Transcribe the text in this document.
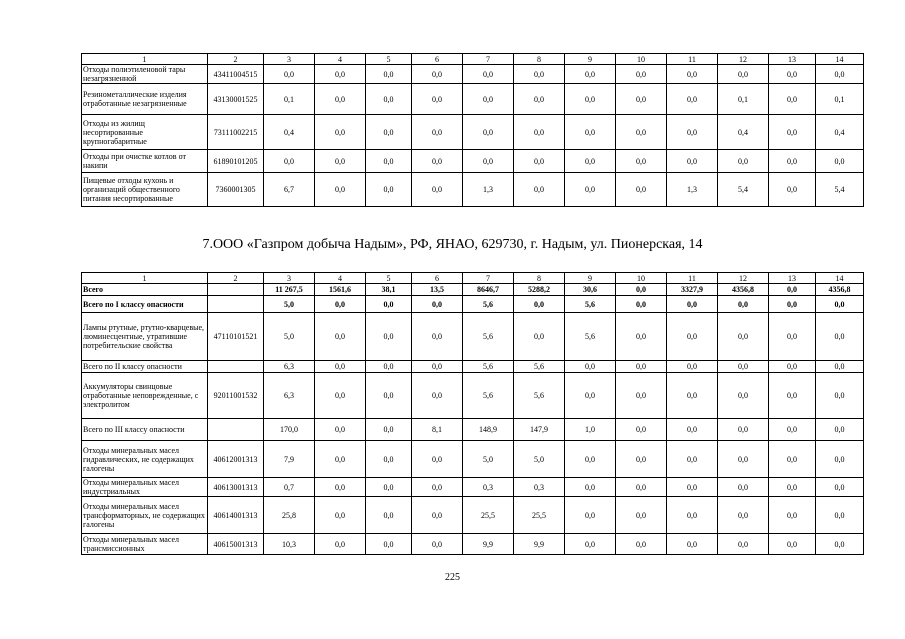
1	2	3	4	5	6	7	8	9	10	11	12	13	14
Отходы полиэтиленовой тары незагрязненной	43411004515	0,0	0,0	0,0	0,0	0,0	0,0	0,0	0,0	0,0	0,0	0,0	0,0
Резинометаллические изделия отработанные незагрязненные	43130001525	0,1	0,0	0,0	0,0	0,0	0,0	0,0	0,0	0,0	0,1	0,0	0,1
Отходы из жилищ несортированные крупногабаритные	73111002215	0,4	0,0	0,0	0,0	0,0	0,0	0,0	0,0	0,0	0,4	0,0	0,4
Отходы при очистке котлов от накипи	61890101205	0,0	0,0	0,0	0,0	0,0	0,0	0,0	0,0	0,0	0,0	0,0	0,0
Пищевые отходы кухонь и организаций общественного питания несортированные	7360001305	6,7	0,0	0,0	0,0	1,3	0,0	0,0	0,0	1,3	5,4	0,0	5,4
7.ООО «Газпром добыча Надым», РФ, ЯНАО, 629730, г. Надым, ул. Пионерская, 14
1	2	3	4	5	6	7	8	9	10	11	12	13	14
Всего		11 267,5	1561,6	38,1	13,5	8646,7	5288,2	30,6	0,0	3327,9	4356,8	0,0	4356,8
Всего по I классу опасности		5,0	0,0	0,0	0,0	5,6	0,0	5,6	0,0	0,0	0,0	0,0	0,0
Лампы ртутные, ртутно-кварцевые, люминесцентные, утратившие потребительские свойства	47110101521	5,0	0,0	0,0	0,0	5,6	0,0	5,6	0,0	0,0	0,0	0,0	0,0
Всего по II классу опасности		6,3	0,0	0,0	0,0	5,6	5,6	0,0	0,0	0,0	0,0	0,0	0,0
Аккумуляторы свинцовые отработанные неповрежденные, с электролитом	92011001532	6,3	0,0	0,0	0,0	5,6	5,6	0,0	0,0	0,0	0,0	0,0	0,0
Всего по III классу опасности		170,0	0,0	0,0	8,1	148,9	147,9	1,0	0,0	0,0	0,0	0,0	0,0
Отходы минеральных масел гидравлических, не содержащих галогены	40612001313	7,9	0,0	0,0	0,0	5,0	5,0	0,0	0,0	0,0	0,0	0,0	0,0
Отходы минеральных масел индустриальных	40613001313	0,7	0,0	0,0	0,0	0,3	0,3	0,0	0,0	0,0	0,0	0,0	0,0
Отходы минеральных масел трансформаторных, не содержащих галогены	40614001313	25,8	0,0	0,0	0,0	25,5	25,5	0,0	0,0	0,0	0,0	0,0	0,0
Отходы минеральных масел трансмиссионных	40615001313	10,3	0,0	0,0	0,0	9,9	9,9	0,0	0,0	0,0	0,0	0,0	0,0
225
